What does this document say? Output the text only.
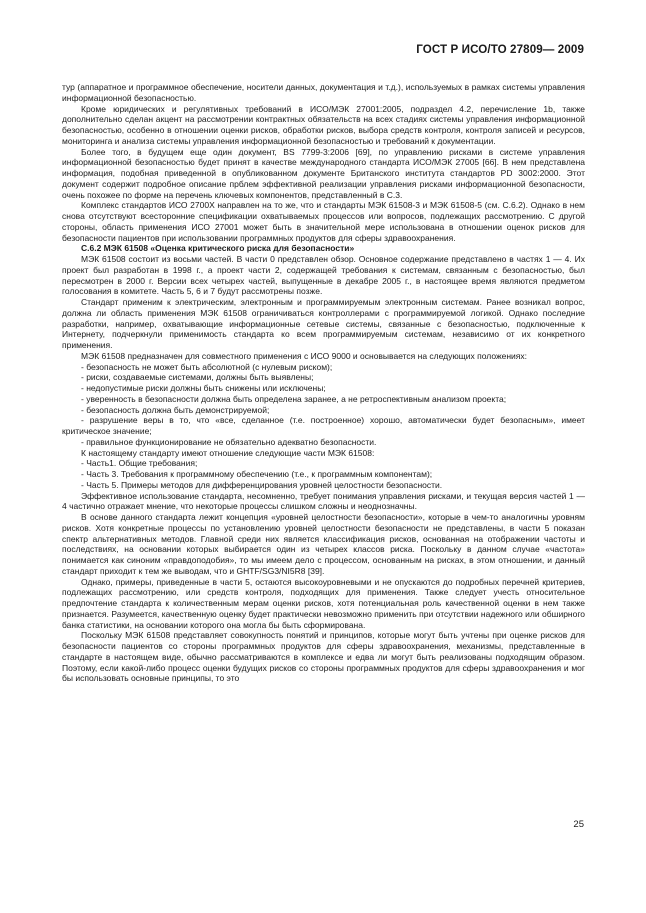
ГОСТ Р ИСО/ТО 27809— 2009

тур (аппаратное и программное обеспечение, носители данных, документация и т.д.), используемых в рамках системы управления информационной безопасностью.

Кроме юридических и регулятивных требований в ИСО/МЭК 27001:2005, подраздел 4.2, перечисление 1b, также дополнительно сделан акцент на рассмотрении контрактных обязательств на всех стадиях системы управления информационной безопасностью, особенно в отношении оценки рисков, обработки рисков, выбора средств контроля, контроля записей и ресурсов, мониторинга и анализа системы управления информационной безопасностью и требований к документации.

Более того, в будущем еще один документ, BS 7799-3:2006 [69], по управлению рисками в системе управления информационной безопасностью будет принят в качестве международного стандарта ИСО/МЭК 27005 [66]. В нем представлена информация, подобная приведенной в опубликованном документе Британского института стандартов PD 3002:2000. Этот документ содержит подробное описание прблем эффективной реализации управления рисками информационной безопасности, очень похожее по форме на перечень ключевых компонентов, представленный в С.3.

Комплекс стандартов ИСО 2700Х направлен на то же, что и стандарты МЭК 61508-3 и МЭК 61508-5 (см. С.6.2). Однако в нем снова отсутствуют всесторонние спецификации охватываемых процессов или вопросов, подлежащих рассмотрению. С другой стороны, область применения ИСО 27001 может быть в значительной мере использована в отношении оценок рисков для безопасности пациентов при использовании программных продуктов для сферы здравоохранения.

С.6.2 МЭК 61508 «Оценка критического риска для безопасности»

МЭК 61508 состоит из восьми частей. В части 0 представлен обзор. Основное содержание представлено в частях 1 — 4. Их проект был разработан в 1998 г., а проект части 2, содержащей требования к системам, связанным с безопасностью, был пересмотрен в 2000 г. Версии всех четырех частей, выпущенные в декабре 2005 г., в настоящее время являются предметом голосования в комитете. Часть 5, 6 и 7 будут рассмотрены позже.

Стандарт применим к электрическим, электронным и программируемым электронным системам. Ранее возникал вопрос, должна ли область применения МЭК 61508 ограничиваться контроллерами с программируемой логикой. Однако последние разработки, например, охватывающие информационные сетевые системы, связанные с безопасностью, подключенные к Интернету, подчеркнули применимость стандарта ко всем программируемым системам, независимо от их конкретного применения.

МЭК 61508 предназначен для совместного применения с ИСО 9000 и основывается на следующих положениях:

- безопасность не может быть абсолютной (с нулевым риском);

- риски, создаваемые системами, должны быть выявлены;

- недопустимые риски должны быть снижены или исключены;

- уверенность в безопасности должна быть определена заранее, а не ретроспективным анализом проекта;

- безопасность должна быть демонстрируемой;

- разрушение веры в то, что «все, сделанное (т.е. построенное) хорошо, автоматически будет безопасным», имеет критическое значение;

- правильное функционирование не обязательно адекватно безопасности.

К настоящему стандарту имеют отношение следующие части МЭК 61508:

- Часть1. Общие требования;

- Часть 3. Требования к программному обеспечению (т.е., к программным компонентам);

- Часть 5. Примеры методов для дифференцирования уровней целостности безопасности.

Эффективное использование стандарта, несомненно, требует понимания управления рисками, и текущая версия частей 1 — 4 частично отражает мнение, что некоторые процессы слишком сложны и неоднозначны.

В основе данного стандарта лежит концепция «уровней целостности безопасности», которые в чем-то аналогичны уровням рисков. Хотя конкретные процессы по установлению уровней целостности безопасности не представлены, в части 5 показан спектр альтернативных методов. Главной среди них является классификация рисков, основанная на отображении частоты и последствиях, на основании которых выбирается один из четырех классов риска. Поскольку в данном случае «частота» понимается как синоним «правдоподобия», то мы имеем дело с процессом, основанным на рисках, в этом отношении, и данный стандарт приходит к тем же выводам, что и GHTF/SG3/NI5R8 [39].

Однако, примеры, приведенные в части 5, остаются высокоуровневыми и не опускаются до подробных перечней критериев, подлежащих рассмотрению, или средств контроля, подходящих для применения. Также следует учесть относительное предпочтение стандарта к количественным мерам оценки рисков, хотя потенциальная роль качественной оценки в нем также признается. Разумеется, качественную оценку будет практически невозможно применить при отсутствии надежного или обширного банка статистики, на основании которого она могла бы быть сформирована.

Поскольку МЭК 61508 представляет совокупность понятий и принципов, которые могут быть учтены при оценке рисков для безопасности пациентов со стороны программных продуктов для сферы здравоохранения, механизмы, представленные в стандарте в настоящем виде, обычно рассматриваются в комплексе и едва ли могут быть реализованы подходящим образом. Поэтому, если какой-либо процесс оценки будущих рисков со стороны программных продуктов для сферы здравоохранения и мог бы использовать основные принципы, то это

25
